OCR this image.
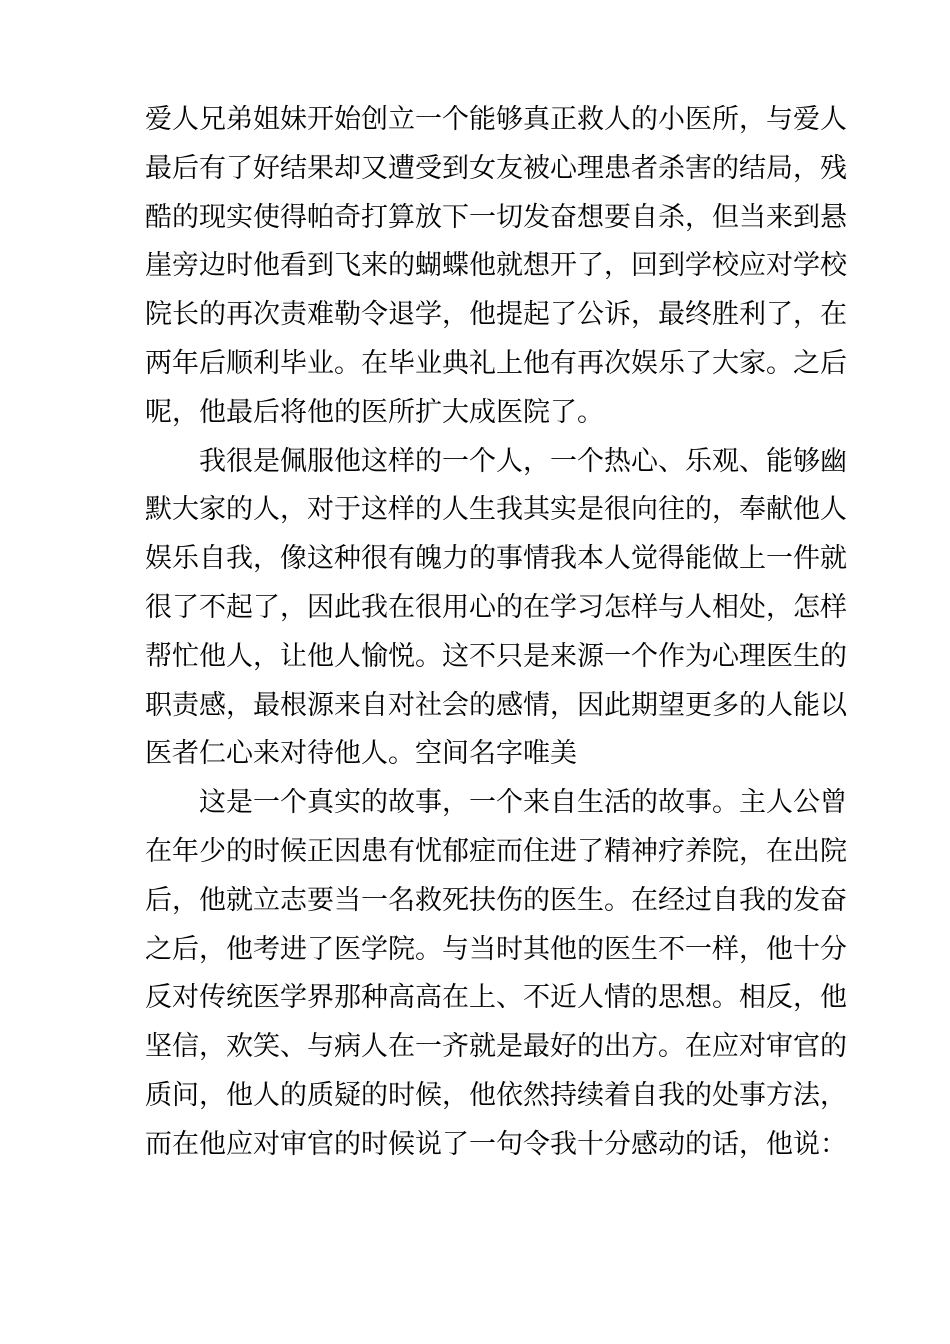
爱人兄弟姐妹开始创立一个能够真正救人的小医所，与爱人
最后有了好结果却又遭受到女友被心理患者杀害的结局，残
酷的现实使得帕奇打算放下一切发奋想要自杀，但当来到悬
崖旁边时他看到飞来的蝴蝶他就想开了，回到学校应对学校
院长的再次责难勒令退学，他提起了公诉，最终胜利了，在
两年后顺利毕业。在毕业典礼上他有再次娱乐了大家。之后
呢，他最后将他的医所扩大成医院了。
我很是佩服他这样的一个人，一个热心、乐观、能够幽
默大家的人，对于这样的人生我其实是很向往的，奉献他人
娱乐自我，像这种很有魄力的事情我本人觉得能做上一件就
很了不起了，因此我在很用心的在学习怎样与人相处，怎样
帮忙他人，让他人愉悦。这不只是来源一个作为心理医生的
职责感，最根源来自对社会的感情，因此期望更多的人能以
医者仁心来对待他人。空间名字唯美
这是一个真实的故事，一个来自生活的故事。主人公曾
在年少的时候正因患有忧郁症而住进了精神疗养院，在出院
后，他就立志要当一名救死扶伤的医生。在经过自我的发奋
之后，他考进了医学院。与当时其他的医生不一样，他十分
反对传统医学界那种高高在上、不近人情的思想。相反，他
坚信，欢笑、与病人在一齐就是最好的出方。在应对审官的
质问，他人的质疑的时候，他依然持续着自我的处事方法，
而在他应对审官的时候说了一句令我十分感动的话，他说：
